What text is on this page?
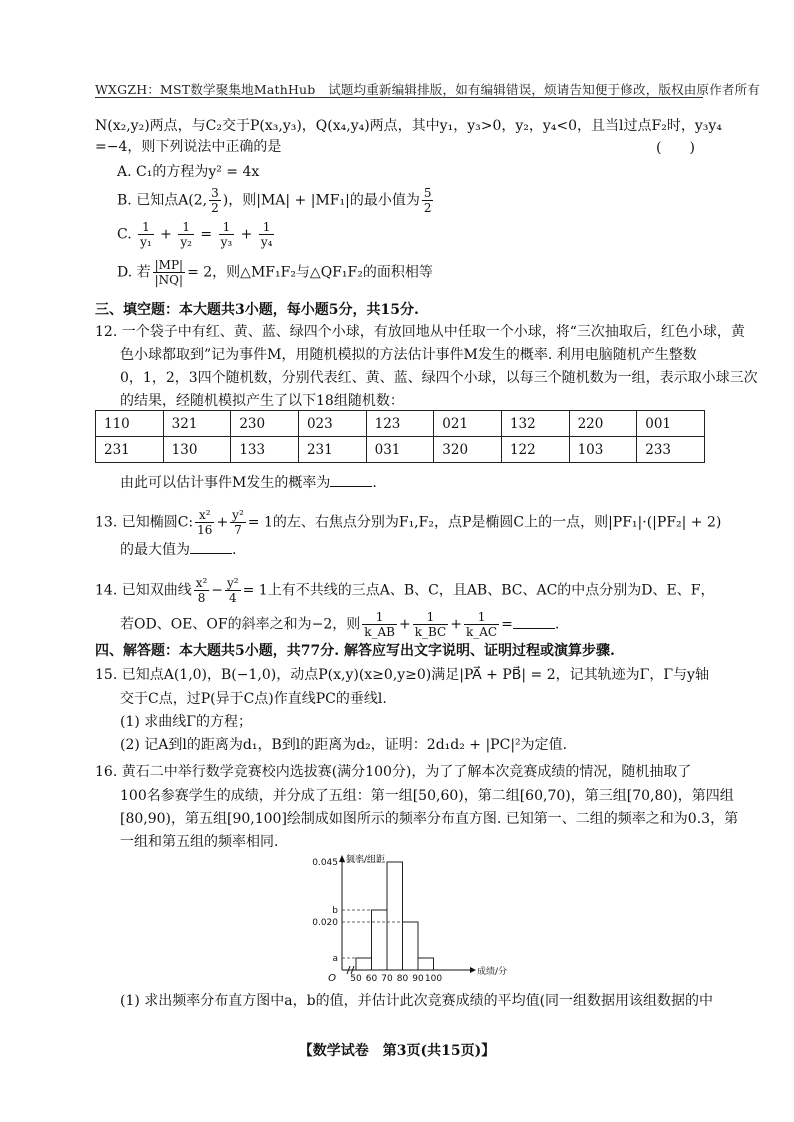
WXGZH：MST数学聚集地MathHub　试题均重新编辑排版，如有编辑错误，烦请告知便于修改，版权由原作者所有
N(x₂,y₂)两点，与C₂交于P(x₃,y₃)，Q(x₄,y₄)两点，其中y₁，y₃>0，y₂，y₄<0，且当l过点F₂时，y₃y₄
=−4，则下列说法中正确的是	(　　)
A. C₁的方程为y² = 4x
B. 已知点A(2, $\frac{3}{2}$ )，则|MA| + |MF₁|的最小值为 $\frac{5}{2}$
C. $\frac{1}{\text{y₁}} + \frac{1}{\text{y₂}} = \frac{1}{\text{y₃}} + \frac{1}{\text{y₄}}$
D. 若 $\frac{|MP|}{|NQ|} = 2$，则△MF₁F₂与△QF₁F₂的面积相等
三、填空题：本大题共3小题，每小题5分，共15分.
12. 一个袋子中有红、黄、蓝、绿四个小球，有放回地从中任取一个小球，将“三次抽取后，红色小球，黄
色小球都取到”记为事件M，用随机模拟的方法估计事件M发生的概率. 利用电脑随机产生整数
0，1，2，3四个随机数，分别代表红、黄、蓝、绿四个小球，以每三个随机数为一组，表示取小球三次
的结果，经随机模拟产生了以下18组随机数：
110	321	230	023	123	021	132	220	001
231	130	133	231	031	320	122	103	233
由此可以估计事件M发生的概率为	.
13. 已知椭圆C: $\frac{\text{x²}}{16} + \frac{\text{y²}}{7} = 1$的左、右焦点分别为F₁,F₂，点P是椭圆C上的一点，则|PF₁|·(|PF₂| + 2)
的最大值为	.
14. 已知双曲线 $\frac{\text{x²}}{8} - \frac{\text{y²}}{4} = 1$上有不共线的三点A、B、C，且AB、BC、AC的中点分别为D、E、F，
若OD、OE、OF的斜率之和为−2，则 $\frac{1}{k\_AB} + \frac{1}{k\_BC} + \frac{1}{k\_AC}$ =	.
四、解答题：本大题共5小题，共77分. 解答应写出文字说明、证明过程或演算步骤.
15. 已知点A(1,0)，B(−1,0)，动点P(x,y)(x≥0,y≥0)满足|PA⃗ + PB⃗| = 2，记其轨迹为Γ，Γ与y轴
交于C点，过P(异于C点)作直线PC的垂线l.
(1) 求曲线Γ的方程；
(2) 记A到l的距离为d₁，B到l的距离为d₂，证明：2d₁d₂ + |PC|²为定值.
16. 黄石二中举行数学竞赛校内选拔赛(满分100分)，为了了解本次竞赛成绩的情况，随机抽取了
100名参赛学生的成绩，并分成了五组：第一组[50,60)，第二组[60,70)，第三组[70,80)，第四组
[80,90)，第五组[90,100]绘制成如图所示的频率分布直方图. 已知第一、二组的频率之和为0.3，第
一组和第五组的频率相同.
a
0.020
b
0.045
50 60 70 80 90 100
O
频率/组距
成绩/分
(1) 求出频率分布直方图中a，b的值，并估计此次竞赛成绩的平均值(同一组数据用该组数据的中
【数学试卷　第3页(共15页)】
